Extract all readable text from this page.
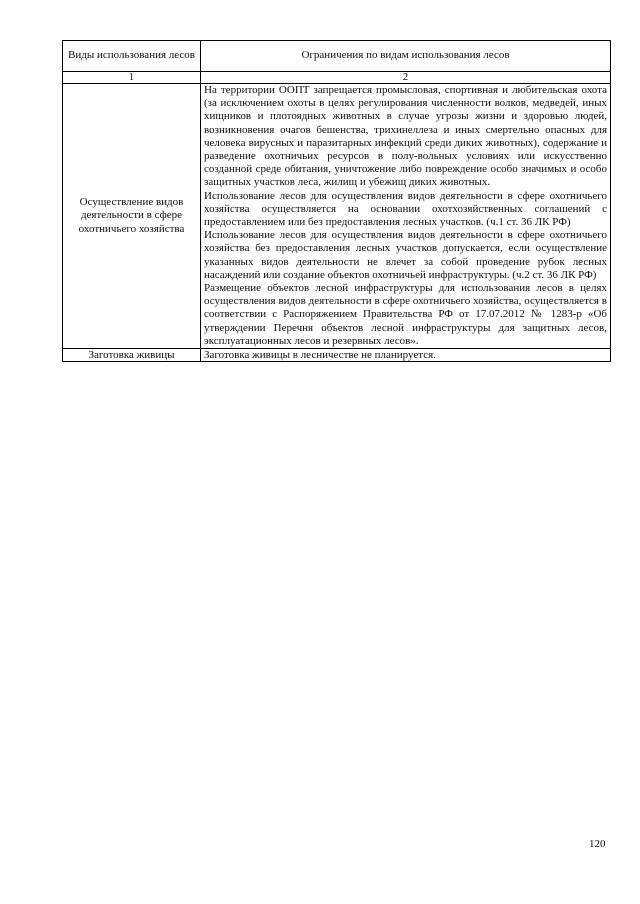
Виды использования лесов	Ограничения по видам использования лесов
1	2
Осуществление видов деятельности в сфере охотничьего хозяйства	На территории ООПТ запрещается промысловая, спортивная и любительская охота (за исключением охоты в целях регулирования численности волков, медведей, иных хищников и плотоядных животных в случае угрозы жизни и здоровью людей, возникновения очагов бешенства, трихинеллеза и иных смертельно опасных для человека вирусных и паразитарных инфекций среди диких животных), содержание и разведение охотничьих ресурсов в полу-вольных условиях или искусственно созданной среде обитания, уничтожение либо повреждение особо значимых и особо защитных участков леса, жилищ и убежищ диких животных.

Использование лесов для осуществления видов деятельности в сфере охотничьего хозяйства осуществляется на основании охотхозяйственных соглашений с предоставлением или без предоставления лесных участков. (ч.1 ст. 36 ЛК РФ)

Использование лесов для осуществления видов деятельности в сфере охотничьего хозяйства без предоставления лесных участков допускается, если осуществление указанных видов деятельности не влечет за собой проведение рубок лесных насаждений или создание объектов охотничьей инфраструктуры. (ч.2 ст. 36 ЛК РФ)

Размещение объектов лесной инфраструктуры для использования лесов в целях осуществления видов деятельности в сфере охотничьего хозяйства, осуществляется в соответствии с Распоряжением Правительства РФ от 17.07.2012 № 1283-р «Об утверждении Перечня объектов лесной инфраструктуры для защитных лесов, эксплуатационных лесов и резервных лесов».

Заготовка живицы	Заготовка живицы в лесничестве не планируется.
120
